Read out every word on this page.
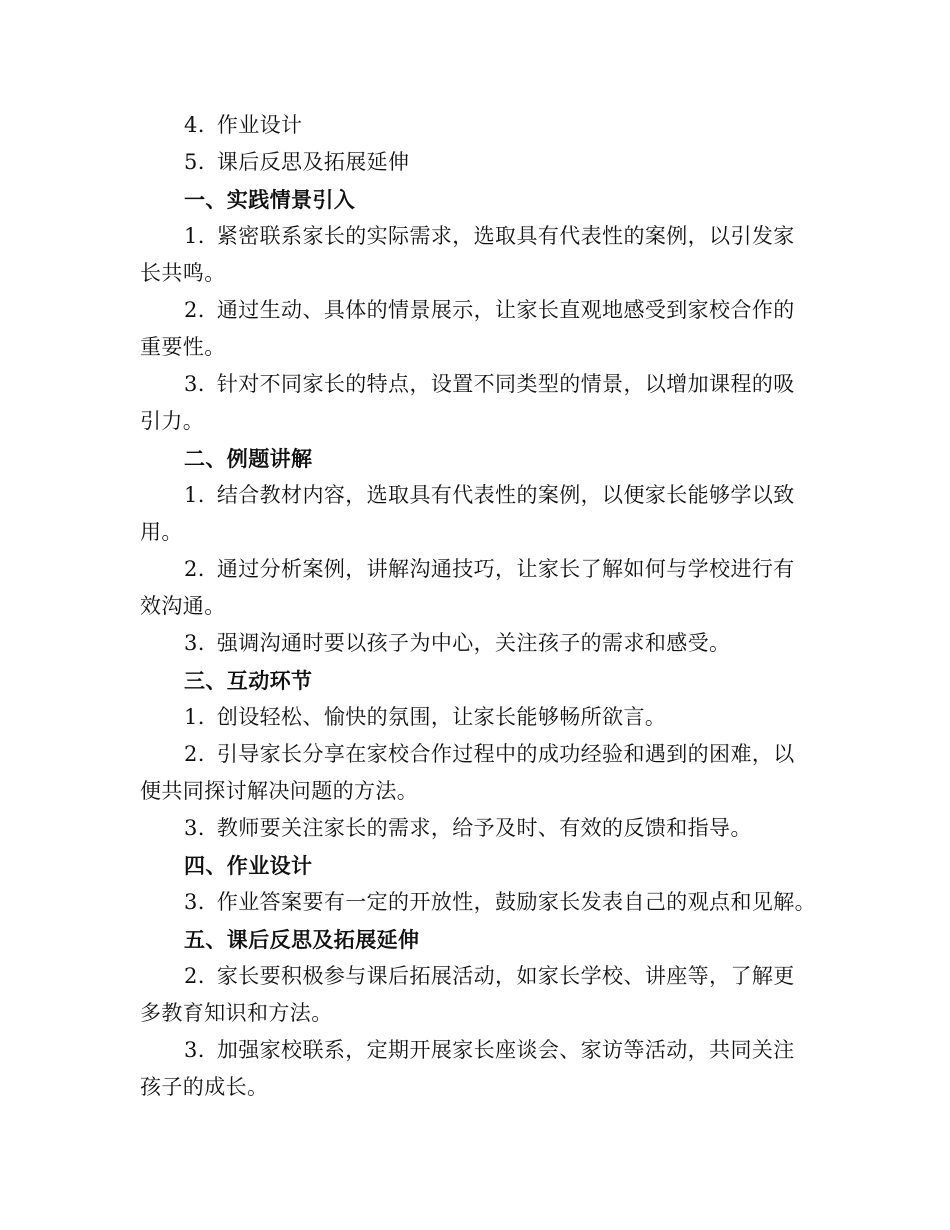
4. 作业设计
5. 课后反思及拓展延伸
一、实践情景引入
1. 紧密联系家长的实际需求，选取具有代表性的案例，以引发家
长共鸣。
2. 通过生动、具体的情景展示，让家长直观地感受到家校合作的
重要性。
3. 针对不同家长的特点，设置不同类型的情景，以增加课程的吸
引力。
二、例题讲解
1. 结合教材内容，选取具有代表性的案例，以便家长能够学以致
用。
2. 通过分析案例，讲解沟通技巧，让家长了解如何与学校进行有
效沟通。
3. 强调沟通时要以孩子为中心，关注孩子的需求和感受。
三、互动环节
1. 创设轻松、愉快的氛围，让家长能够畅所欲言。
2. 引导家长分享在家校合作过程中的成功经验和遇到的困难，以
便共同探讨解决问题的方法。
3. 教师要关注家长的需求，给予及时、有效的反馈和指导。
四、作业设计
3. 作业答案要有一定的开放性，鼓励家长发表自己的观点和见解。
五、课后反思及拓展延伸
2. 家长要积极参与课后拓展活动，如家长学校、讲座等，了解更
多教育知识和方法。
3. 加强家校联系，定期开展家长座谈会、家访等活动，共同关注
孩子的成长。
